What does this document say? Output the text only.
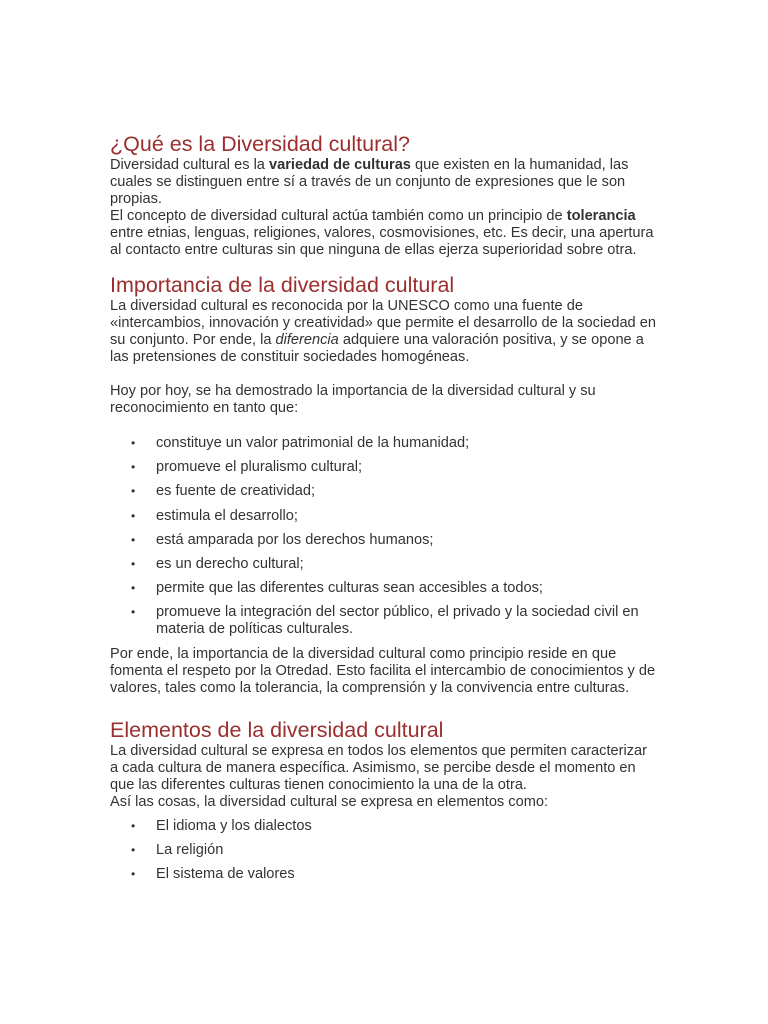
¿Qué es la Diversidad cultural?

Diversidad cultural es la variedad de culturas que existen en la humanidad, las cuales se distinguen entre sí a través de un conjunto de expresiones que le son propias.

El concepto de diversidad cultural actúa también como un principio de tolerancia entre etnias, lenguas, religiones, valores, cosmovisiones, etc. Es decir, una apertura al contacto entre culturas sin que ninguna de ellas ejerza superioridad sobre otra.

Importancia de la diversidad cultural

La diversidad cultural es reconocida por la UNESCO como una fuente de «intercambios, innovación y creatividad» que permite el desarrollo de la sociedad en su conjunto. Por ende, la diferencia adquiere una valoración positiva, y se opone a las pretensiones de constituir sociedades homogéneas.

Hoy por hoy, se ha demostrado la importancia de la diversidad cultural y su reconocimiento en tanto que:

• constituye un valor patrimonial de la humanidad;
• promueve el pluralismo cultural;
• es fuente de creatividad;
• estimula el desarrollo;
• está amparada por los derechos humanos;
• es un derecho cultural;
• permite que las diferentes culturas sean accesibles a todos;
• promueve la integración del sector público, el privado y la sociedad civil en materia de políticas culturales.

Por ende, la importancia de la diversidad cultural como principio reside en que fomenta el respeto por la Otredad. Esto facilita el intercambio de conocimientos y de valores, tales como la tolerancia, la comprensión y la convivencia entre culturas.

Elementos de la diversidad cultural

La diversidad cultural se expresa en todos los elementos que permiten caracterizar a cada cultura de manera específica. Asimismo, se percibe desde el momento en que las diferentes culturas tienen conocimiento la una de la otra.

Así las cosas, la diversidad cultural se expresa en elementos como:

• El idioma y los dialectos
• La religión
• El sistema de valores
